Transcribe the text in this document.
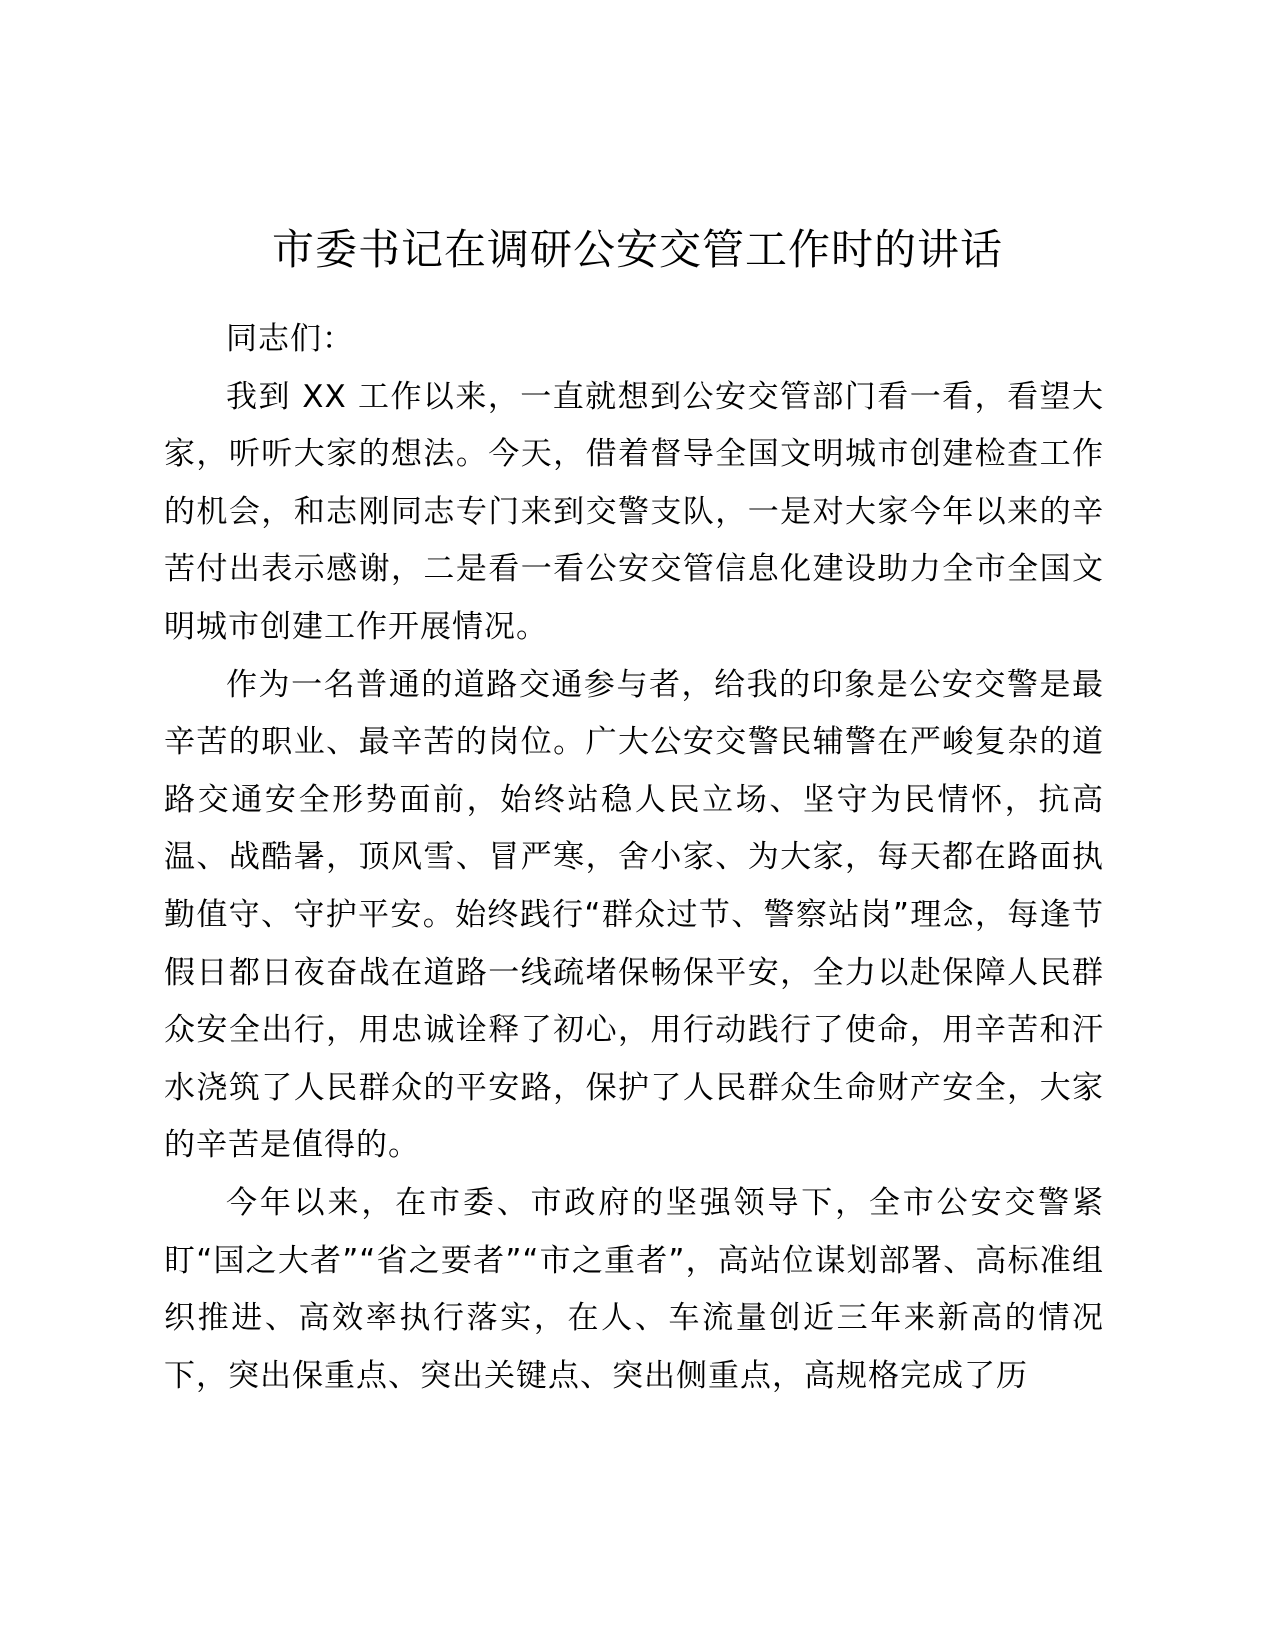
市委书记在调研公安交管工作时的讲话

同志们：

我到 XX 工作以来，一直就想到公安交管部门看一看，看望大家，听听大家的想法。今天，借着督导全国文明城市创建检查工作的机会，和志刚同志专门来到交警支队，一是对大家今年以来的辛苦付出表示感谢，二是看一看公安交管信息化建设助力全市全国文明城市创建工作开展情况。

作为一名普通的道路交通参与者，给我的印象是公安交警是最辛苦的职业、最辛苦的岗位。广大公安交警民辅警在严峻复杂的道路交通安全形势面前，始终站稳人民立场、坚守为民情怀，抗高温、战酷暑，顶风雪、冒严寒，舍小家、为大家，每天都在路面执勤值守、守护平安。始终践行“群众过节、警察站岗”理念，每逢节假日都日夜奋战在道路一线疏堵保畅保平安，全力以赴保障人民群众安全出行，用忠诚诠释了初心，用行动践行了使命，用辛苦和汗水浇筑了人民群众的平安路，保护了人民群众生命财产安全，大家的辛苦是值得的。

今年以来，在市委、市政府的坚强领导下，全市公安交警紧盯“国之大者”“省之要者”“市之重者”，高站位谋划部署、高标准组织推进、高效率执行落实，在人、车流量创近三年来新高的情况下，突出保重点、突出关键点、突出侧重点，高规格完成了历
